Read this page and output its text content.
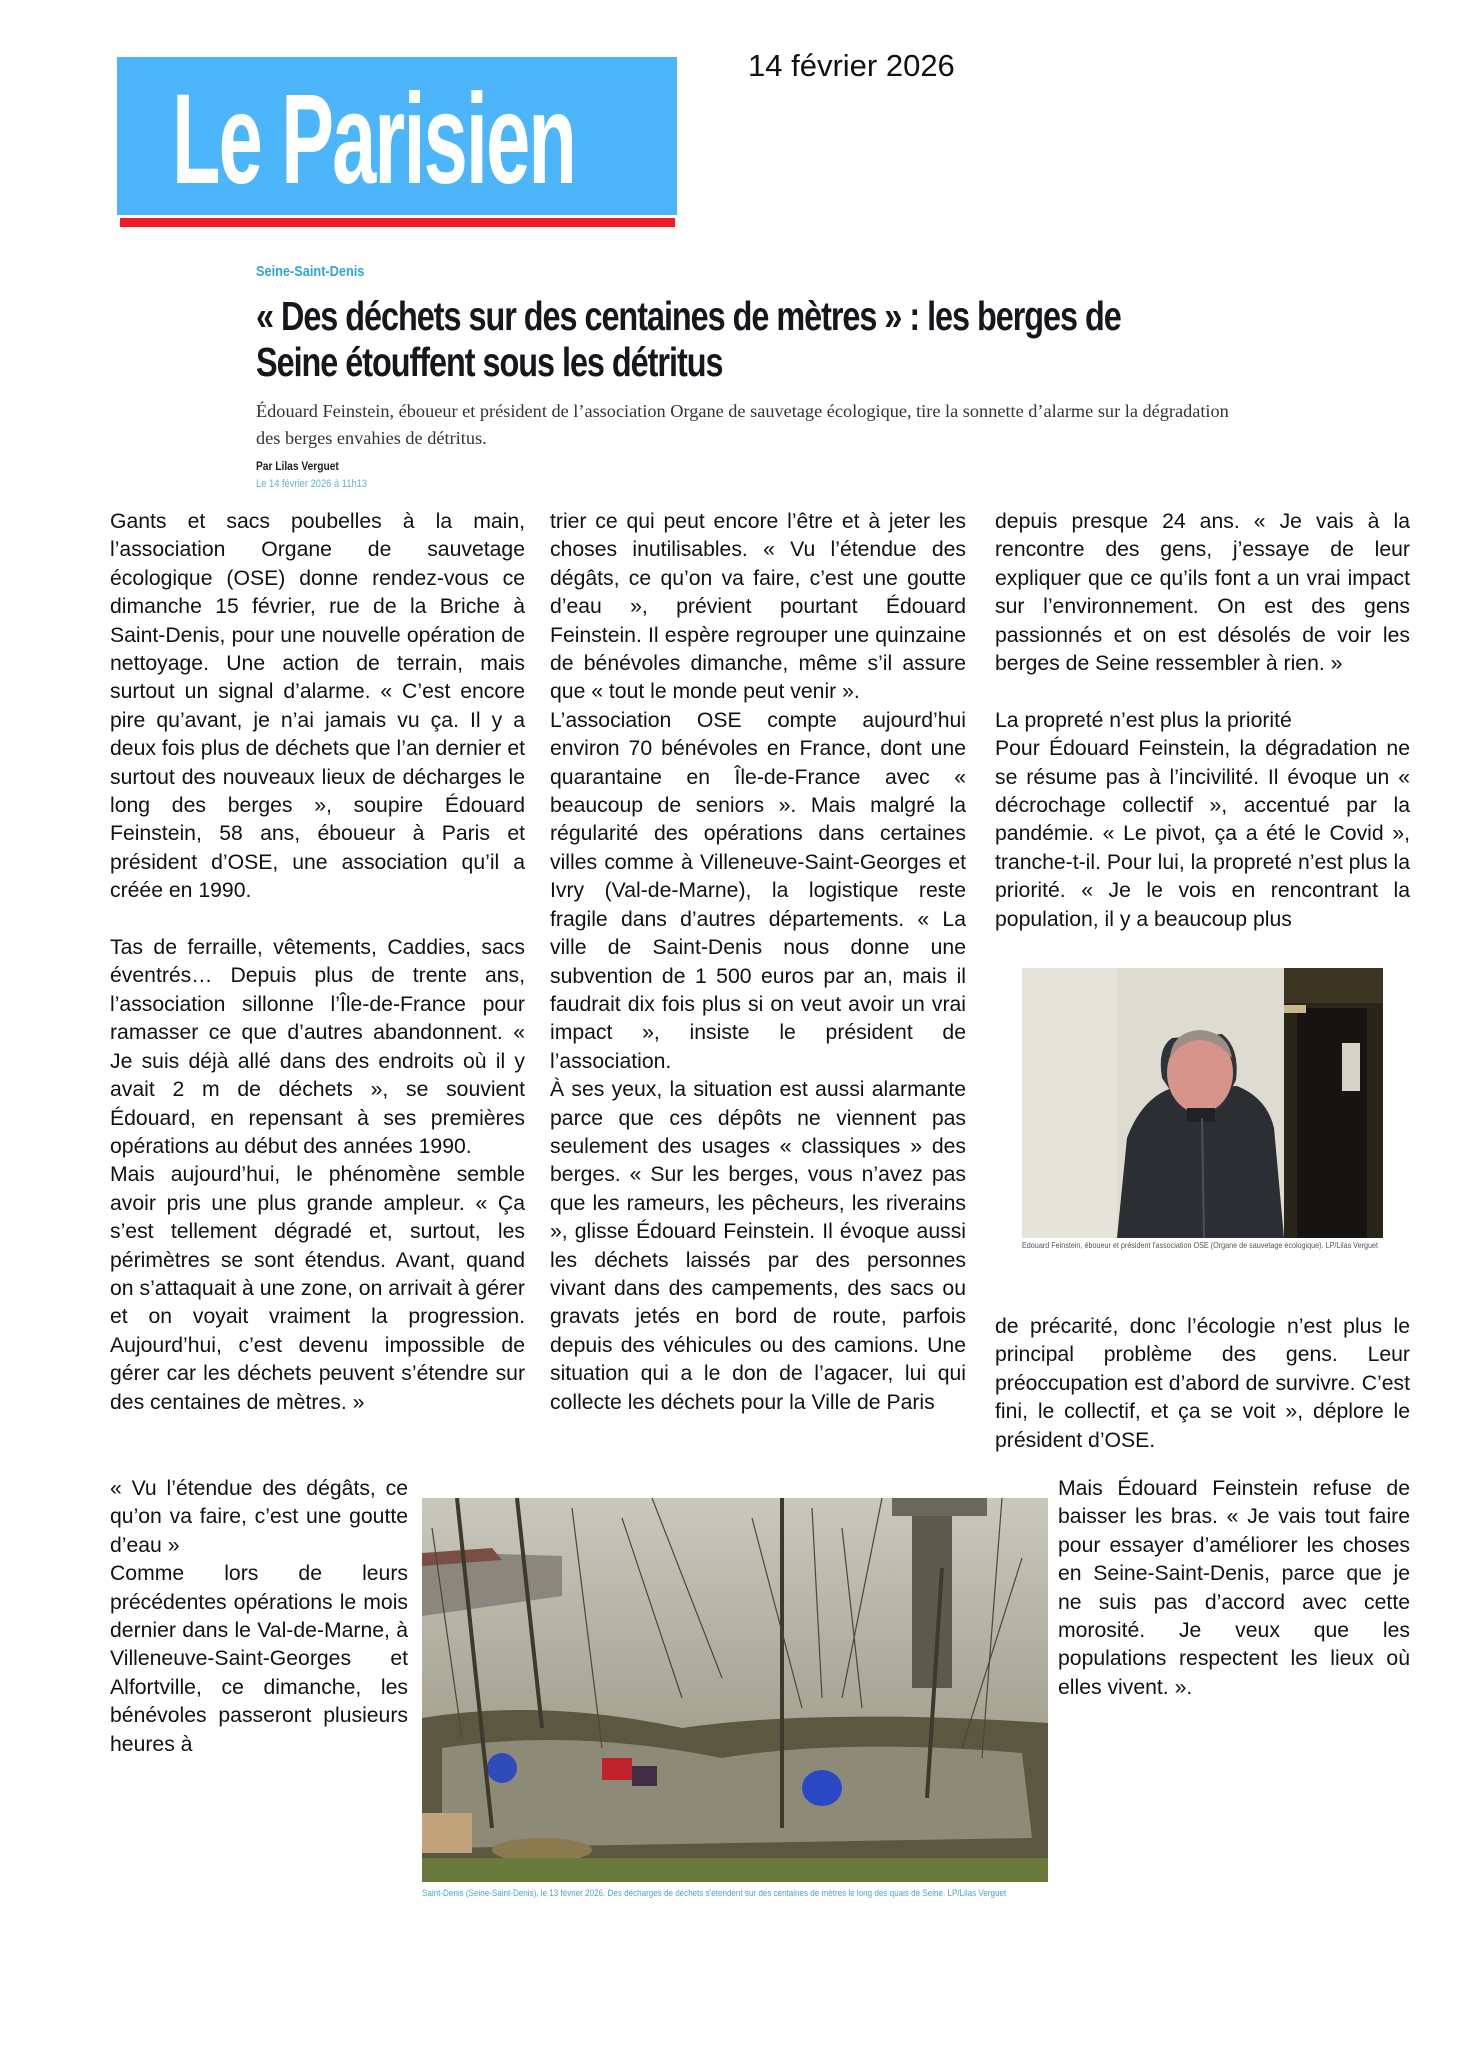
Le Parisien
14 février 2026
Seine-Saint-Denis
« Des déchets sur des centaines de mètres » : les berges de
Seine étouffent sous les détritus
Édouard Feinstein, éboueur et président de l’association Organe de sauvetage écologique, tire la sonnette d’alarme sur la dégradation des berges envahies de détritus.
Par Lilas Verguet
Le 14 février 2026 à 11h13

Gants et sacs poubelles à la main, l’association Organe de sauvetage écologique (OSE) donne rendez-vous ce dimanche 15 février, rue de la Briche à Saint-Denis, pour une nouvelle opération de nettoyage. Une action de terrain, mais surtout un signal d’alarme. « C’est encore pire qu’avant, je n’ai jamais vu ça. Il y a deux fois plus de déchets que l’an dernier et surtout des nouveaux lieux de décharges le long des berges », soupire Édouard Feinstein, 58 ans, éboueur à Paris et président d’OSE, une association qu’il a créée en 1990.

Tas de ferraille, vêtements, Caddies, sacs éventrés… Depuis plus de trente ans, l’association sillonne l’Île-de-France pour ramasser ce que d’autres abandonnent. « Je suis déjà allé dans des endroits où il y avait 2 m de déchets », se souvient Édouard, en repensant à ses premières opérations au début des années 1990.

Mais aujourd’hui, le phénomène semble avoir pris une plus grande ampleur. « Ça s’est tellement dégradé et, surtout, les périmètres se sont étendus. Avant, quand on s’attaquait à une zone, on arrivait à gérer et on voyait vraiment la progression. Aujourd’hui, c’est devenu impossible de gérer car les déchets peuvent s’étendre sur des centaines de mètres. »

« Vu l’étendue des dégâts, ce qu’on va faire, c’est une goutte d’eau »

Comme lors de leurs précédentes opérations le mois dernier dans le Val-de-Marne, à Villeneuve-Saint-Georges et Alfortville, ce dimanche, les bénévoles passeront plusieurs heures à

trier ce qui peut encore l’être et à jeter les choses inutilisables. « Vu l’étendue des dégâts, ce qu’on va faire, c’est une goutte d’eau », prévient pourtant Édouard Feinstein. Il espère regrouper une quinzaine de bénévoles dimanche, même s’il assure que « tout le monde peut venir ».

L’association OSE compte aujourd’hui environ 70 bénévoles en France, dont une quarantaine en Île-de-France avec « beaucoup de seniors ». Mais malgré la régularité des opérations dans certaines villes comme à Villeneuve-Saint-Georges et Ivry (Val-de-Marne), la logistique reste fragile dans d’autres départements. « La ville de Saint-Denis nous donne une subvention de 1 500 euros par an, mais il faudrait dix fois plus si on veut avoir un vrai impact », insiste le président de l’association.

À ses yeux, la situation est aussi alarmante parce que ces dépôts ne viennent pas seulement des usages « classiques » des berges. « Sur les berges, vous n’avez pas que les rameurs, les pêcheurs, les riverains », glisse Édouard Feinstein. Il évoque aussi les déchets laissés par des personnes vivant dans des campements, des sacs ou gravats jetés en bord de route, parfois depuis des véhicules ou des camions. Une situation qui a le don de l’agacer, lui qui collecte les déchets pour la Ville de Paris

depuis presque 24 ans. « Je vais à la rencontre des gens, j’essaye de leur expliquer que ce qu’ils font a un vrai impact sur l’environnement. On est des gens passionnés et on est désolés de voir les berges de Seine ressembler à rien. »

La propreté n’est plus la priorité

Pour Édouard Feinstein, la dégradation ne se résume pas à l’incivilité. Il évoque un « décrochage collectif », accentué par la pandémie. « Le pivot, ça a été le Covid », tranche-t-il. Pour lui, la propreté n’est plus la priorité. « Je le vois en rencontrant la population, il y a beaucoup plus

Edouard Feinstein, éboueur et président l'association OSE (Organe de sauvetage écologique). LP/Lilas Verguet

de précarité, donc l’écologie n’est plus le principal problème des gens. Leur préoccupation est d’abord de survivre. C’est fini, le collectif, et ça se voit », déplore le président d’OSE.

Mais Édouard Feinstein refuse de baisser les bras. « Je vais tout faire pour essayer d’améliorer les choses en Seine-Saint-Denis, parce que je ne suis pas d’accord avec cette morosité. Je veux que les populations respectent les lieux où elles vivent. ».

Saint-Denis (Seine-Saint-Denis), le 13 février 2026. Des décharges de déchets s'étendent sur des centaines de mètres le long des quais de Seine. LP/Lilas Verguet
